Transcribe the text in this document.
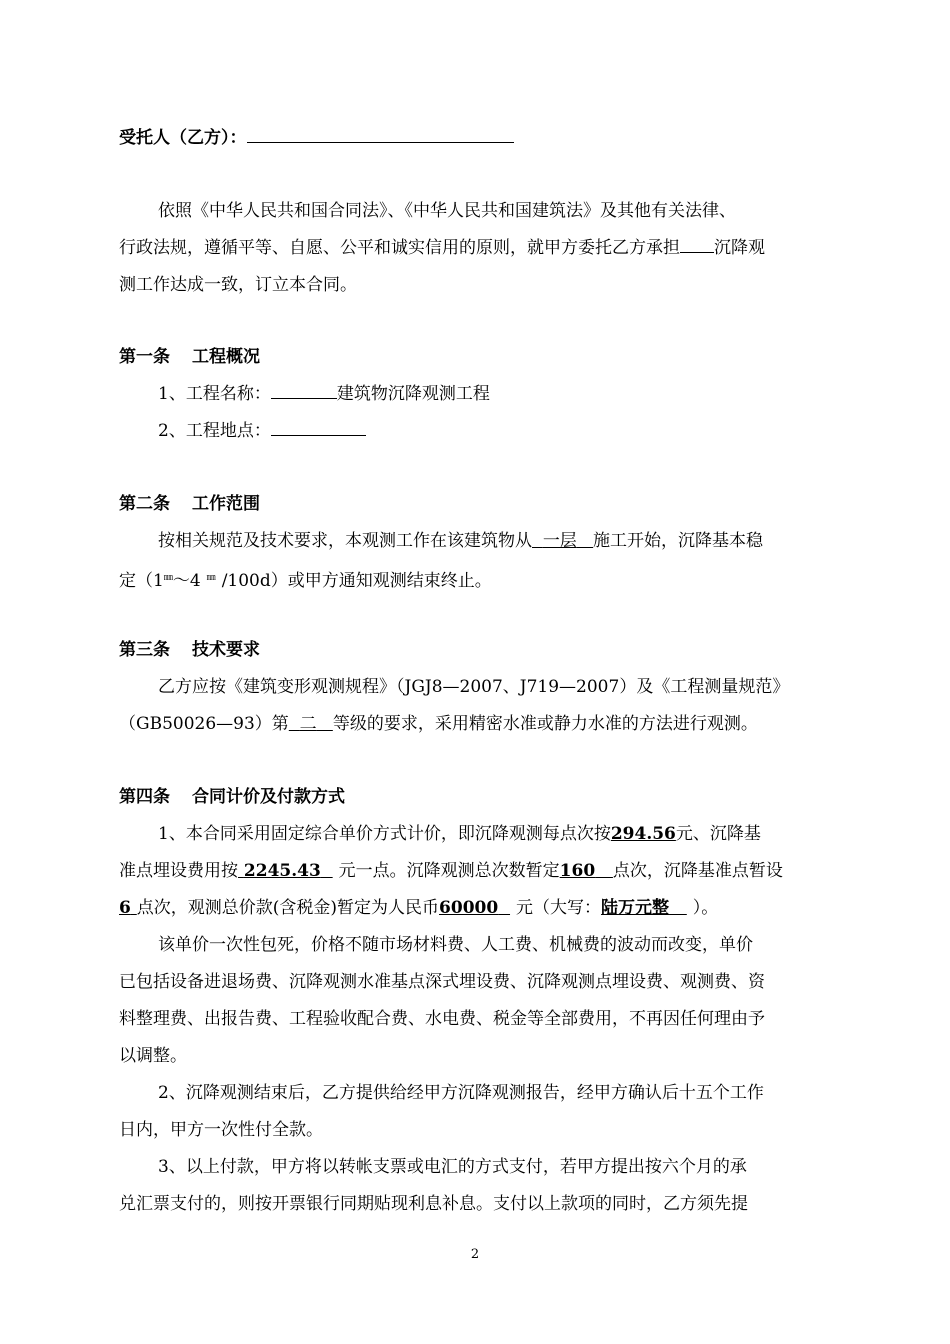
受托人（乙方）：
依照《中华人民共和国合同法》、《中华人民共和国建筑法》及其他有关法律、
行政法规，遵循平等、自愿、公平和诚实信用的原则，就甲方委托乙方承担 沉降观
测工作达成一致，订立本合同。
第一条 工程概况
1、工程名称：	建筑物沉降观测工程
2、工程地点：
第二条 工作范围
按相关规范及技术要求，本观测工作在该建筑物从 一层 施工开始，沉降基本稳
定（1㎜～4 ㎜ /100d）或甲方通知观测结束终止。
第三条 技术要求
乙方应按《建筑变形观测规程》（JGJ8—2007、J719—2007）及《工程测量规范》
（GB50026—93）第 二 等级的要求，采用精密水准或静力水准的方法进行观测。
第四条 合同计价及付款方式
1、本合同采用固定综合单价方式计价，即沉降观测每点次按294.56元、沉降基
准点埋设费用按 2245.43 元一点。沉降观测总次数暂定160 点次，沉降基准点暂设
6 点次，观测总价款(含税金)暂定为人民币60000 元（大写：陆万元整 ）。
该单价一次性包死，价格不随市场材料费、人工费、机械费的波动而改变，单价
已包括设备进退场费、沉降观测水准基点深式埋设费、沉降观测点埋设费、观测费、资
料整理费、出报告费、工程验收配合费、水电费、税金等全部费用，不再因任何理由予
以调整。
2、沉降观测结束后，乙方提供给经甲方沉降观测报告，经甲方确认后十五个工作
日内，甲方一次性付全款。
3、以上付款，甲方将以转帐支票或电汇的方式支付，若甲方提出按六个月的承
兑汇票支付的，则按开票银行同期贴现利息补息。支付以上款项的同时，乙方须先提
2
